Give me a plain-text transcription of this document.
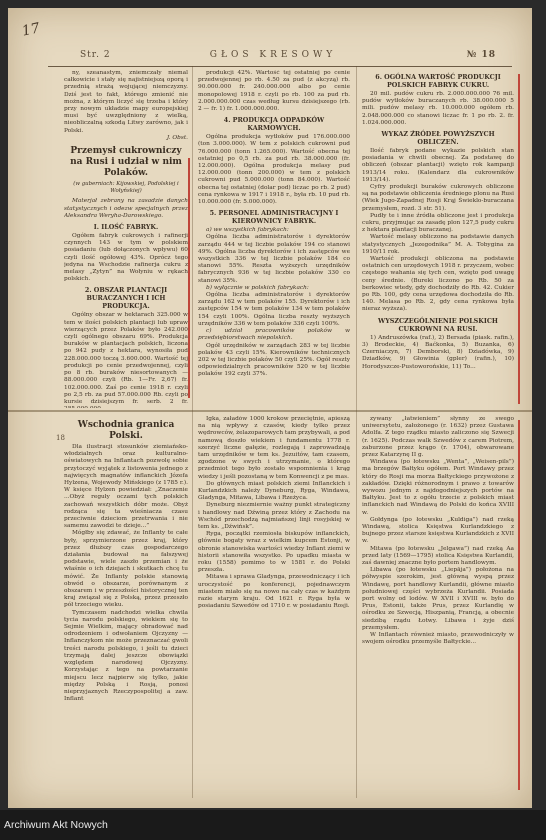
17
Str. 2	GŁOS KRESOWY	№ 18

ny, szeanastym, zniemczały niemal całkowicie i stały się najistniejszą oporą i przednią strażą wojującej niemczyzny. Dziś jest to fakt, którego zmienić nie można, z którym liczyć się trzeba i który przy nowym układzie mapy europejskiej musi być uwzględniony z wielką, nieobliczalną szkodą Litwy zarówno, jak i Polski.

J. Obst.
Przemysł cukrowniczy na Rusi i udział w nim Polaków.
(w guberniach: Kijowskiej, Podolskiej i Wołyńskiej)

Materjał zebrany na zasadzie danych statystycznych i odezw specjalnych przez Aleksandra Weryha-Darowskiego.

I. ILOŚĆ FABRYK.

Ogółem fabryk cukrowych i rafinerji czynnych 143 w tym w polskiem posiadaniu (lub dołączonych wpływu) 60 czyli ilość ogółowej 43%. Oprócz tego jedyna na Wschodzie rafinerja cukru z melasy „Zytyn” na Wołyniu w rękach polskich.

2. OBSZAR PLANTACJI BURACZANYCH I ICH PRODUKCJA.

Ogólny obszar w hektarach 325.000 w tem w ilości polskich plantacji lub upraw wierzących przez Polaków było 242.000 czyli ogólnego obszaru 69%. Produkcja buraków w plantacjach polskich, liczona po 942 pudy z hektara, wynosiła pud 228.000.000 toczą 3.600.000. Wartość tej produkcji po cenie przedwojennej, czyli po 8 rb. buraków niesortowanych — 88.000.000 czyli (Rb. 1—Fr. 2,67) fr. 102.000.000. Zaś po cenie 1918 r. czyli po 2,5 rb. za pud 57.000.000 Rb. czyli po kursie dzisiejszym fr. serb. 2 fr.

produkcji 42%. Wartość tej ostatniej po cenie przedwojennej po rb. 4.50 za pud (z akcyzą) rb. 90.000.000 fr. 240.000.000 albo po cenie monopolowej 1918 r. czyli po rb. 100 za pud rb. 2.000.000.000 czas według kursu dzisiejszego (rb. 2 — fr. 1) fr. 1.000.000.000.

4. PRODUKCJA ODPADKÓW KARMOWYCH.

Ogólna produkcja wytłoków pud 176.000.000 (ton 3.000.000). W tem z polskich cukrowni pud 76.000.000 (tonn 1.265.000). Wartość obecna tej ostatniej po 0,5 rb. za pud rb. 38.000.000 (fr. 12.000.000). Ogólna produkcja melasy pud 12.000.000 (tonn 200.000) w tem z polskich cukrowni pud 5.000.000 (tonn 84.000). Wartość obecna tej ostatniej (dolar pod) liczac po rb. 2 pud) cena rynkowa w 1917 i 1918 r., była rb. 10 pud rb. 10.000.000 (fr. 5.000.000).

5. PERSONEL ADMINISTRACYJNY I KIEROWNICY FABRYK.

a) we wszystkich fabrykach:

Ogólna liczba administratorów i dyrektorów zarządu 444 w tej liczbie polaków 194 co stanowi 49%. Ogólna liczba dyrektorów i ich zastępców we wszystkich 336 w tej liczbie polaków 184 co stanowi 55%. Reszta wyższych urzędników fabrycznych 936 w tej liczbie polaków 330 co stanowi 35%.

b) wyłącznie w polskich fabrykach:

Ogólna liczba administratorów i dyrektorów zarządu 162 w tem polaków 155. Dyrektorów i ich zastępców 154 w tem polaków 134 w tem polaków 154 czyli 100%. Ogólna liczba reszty wyższych urzędników 336 w tem polaków 336 czyli 100%.

c) udział pracowników polaków w przedsiębiorstwach niepolskich.

Ogół urzędników w zarządach 283 w tej liczbie polaków 43 czyli 15%. Kierowników technicznych 202 w tej liczbie polaków 50 czyli 25%. Ogół reszty odpowiedzialnych pracowników 520 w tej liczbie polaków 192 czyli 37%.

6. OGÓLNA WARTOŚĆ PRODUKCJI POLSKICH FABRYK CUKRU.

20 mil. pudów cukru rb. 2.000.000.000 76 mil. pudów wytłoków buraczanych rb. 38.000.000 5 mili. pudów melasy rb. 10.000.000 ogółem rb. 2.048.000.000 co stanowi liczac fr. 1 po rb. 2. fr. 1.024.000.000.

WYKAZ ŹRÓDEŁ POWYŻSZYCH OBLICZEŃ.

Ilość fabryk podane wykazie polskich stan posiadania w chwili obecnej. Za podstawę do obliczeń (obszar plantacji) wzięto rok kampanji 1913/14 roku. (Kalendarz dla cukrowników 1913/14).

Cyfry produkcji buraków cukrowych obliczone są na podstawie obliczenia średniego plonu na Rusi (Wiek Jugo-Zapadnej Rosji Krąj Świeklo-buraczana przemysłem, rozd. 3 str. 51).

Pudły te i inne źródła obliczone jest i produkcja cukru, przyjmując za zasadę plon 127,5 pudy cukru z hektara plantacji buraczanej.

Wartość melasy obliczono na podstawie danych statystycznych „Jezegodnika” M. A. Tobygina za 1910/11 rok.

Wartość produkcji obliczona na podstawie ostatnich cen urzędowych 1918 r. przyczem, wobec częstego wahania się tych cen, wzięto pod uwagę ceny średnie. (Bureki liczono po Rb. 50 za berkowiec wtedy, gdy dochodziły do Rb. 42. Cukier po Rb. 100, gdy cena urzędowa dochodziła do Rb. 140. Melasa po Rb. 2, gdy cena rynkowa była nieraz wyższa).

WYSZCZEGÓLNIENIE POLSKICH CUKROWNI NA RUSI.

1) Andruszówka (raf.), 2) Bersada (piask. rafin.), 3) Brodeckie, 4) Baćkonka, 5) Buzanka, 6) Czerniaczyn, 7) Demborski, 8) Dziadówka, 9) Dziadków, 9) Głowinia (gpler) (rafin.), 10) Horodyszcze-Pustoworońskie, 11) To...

Wschodnia granica Polski.

Dla ilustracji stosunków ziemiańsko-włodzialnych oraz kulturalno-oświatowych na Inflantach pozwolę sobie przytoczyć wyjątek z listowenia jednego z najwięcych magnatów inflanckich Józefa Hylzena, Wojewody Mińskiego (z 1785 r.). W księce Hylzen powiedział: „Znaczenie ...Obyż reguły oczami tych polskich zachowań wszystkich dóbr może. Obyż rodząca się ta wieśniacza czasu przeciwnie dzieciom przetrwania i nie samemu zawodzi te dzieje...”

Mógłby się zdawać, że Inflanty te całe były, sprzymierzone przez kraj, który przez dłuższy czas gospodarczego działania budował na fałszywej podstawie, wiele zaszło przemian i że właśnie o ich dziejach i skutkach chcę tu mówić. Że Inflanty polskie stanowią obwód o obszarze, porównanym z obszarem i w przeszłości historycznej ten kraj związał się z Polską, przez przeszło pół trzeciego wieku.

Tymczasem nadchodzi wielka chwila tycia narodu polskiego, wiekiem się to Sejmie Wielkim, mający obradować nad odrodzeniem i odwołaniem Ojczyzny — Inflanczykom nie może przeznaczać gwoli treści narodu polskiego, i jeśli tu dzieci trzymają dalej jeszcze obowiązki względem narodowej Ojczyzny. Korzystając z tego na powtarzanie miejscu lecz najpierw się tylko, jakie między Polską i Rosją, ponosi nieprzyjaznych Rzeczypospolitej a zaw. Inflant

18

Igka, załadów 1000 krokow przeciętnie, apieszą na nią wpływy z czasów, kiedy tylko przez wędrowców, żelazoparowych tam przybywali, a pod namową doszło wiekiem i fundamentu 1778 r. szerzyć liczne gałęzie, rozlegają i zaprowadzają tam urzędników w tem ks. Jezuitów, tam czasem, zgodzone w swych i utrzymanie, o którego przedmiot tego było zostało wspomnienia i krąg wiedzy i jeśli pozostaną w tem Konwencji z pe mas.

Do głównych miast polskich ziemi Inflanckich i Kurlandzkich należy Dyneburg, Ryga, Windawa, Gladynga, Mitawa, Libawa i Rzeżyca.

Dyneburg niezmiernie ważny punkt strategiczny i handlowy nad Dźwiną przez który z Zachodu na Wschód przechodzą najmiańszej linji rosyjskiej w tem ks. „Dźwińsk”.

Ryga, początki rzemiosła biskupów inflanckich, głównie bogaty wraz z wielkim kupcem Estonji, w obronie stanowiska wartości wiedzy Inflant ziemi w historii stanowiła wszystko. Po upadku miasta w roku (1558) pomimo to w 1581 r. do Polski przeszła.

Mitawa i sprawa Gladynga, przewodniczący i ich uroczystość po konferencji, pojednawczym miastem miało się na nowo na cały czas w każdym razie starym kraju. Od 1621 r. Ryga była w posiadaniu Szwedów od 1710 r. w posiadaniu Rosji.

zywany „łatwieniem” słynny ze swego uniwersytetu, założonego (r. 1632) przez Gustawa Adolfa. Z tego rządku miasto zaliczono się Szwecji (r. 1625). Podczas walk Szwedów z carem Piotrem, zaburzone przez krągo (r. 1704), obwarowane przez Katarzynę II g.

Windawa (po łotewsku „Wenta”, „Weisen-pils”) ma brzegów Bałtyku ogółem. Port Windawy przez który do Rosji ma morza Bałtyckiego przywożone z zakładów. Dzięki różnorodnym i prawo z towarów wywozu jednym z najdogodniejszych portów na Bałtyku. Jest to z ogółu trzecie z polskich miast inflanckich nad Windawą do Polski do końca XVIII w.

Gołdynga (po łotewsku „Kuldiga”) nad rzeką Windawą, stolica Księstwa Kurlandzkiego z bujnego przez starsze księstwa Kurlandzkich z XVII w.

Mitawa (po łotewsku „Jelgawa”) nad rzeką Aa przed laty (1569—1795) stolica Księstwa Kurlandii, zaś dawniej znaczne było portem handlowym.

Libawa (po łotewsku „Liepāja”) położona na półwyspie szerokim, jest główną wyspą przez Windawę, port handlowy Kurlandii, główne miasto południowej części wybrzeża Kurlandii. Posiada port wolny od lodów. W XVII i XVIII w. było do Prus, Estonii, także Prus, przez Kurlandię w ośrodku ze Szwecją, Hiszpanią, Francją, a obecnie siedzibą rządu Łotwy. Libawa i żyje dziś przemysłem.

W Inflantach również miasto, przewodniczyły w swojem ośrodku przemyśle Bałtyckie...

Archiwum Akt Nowych
